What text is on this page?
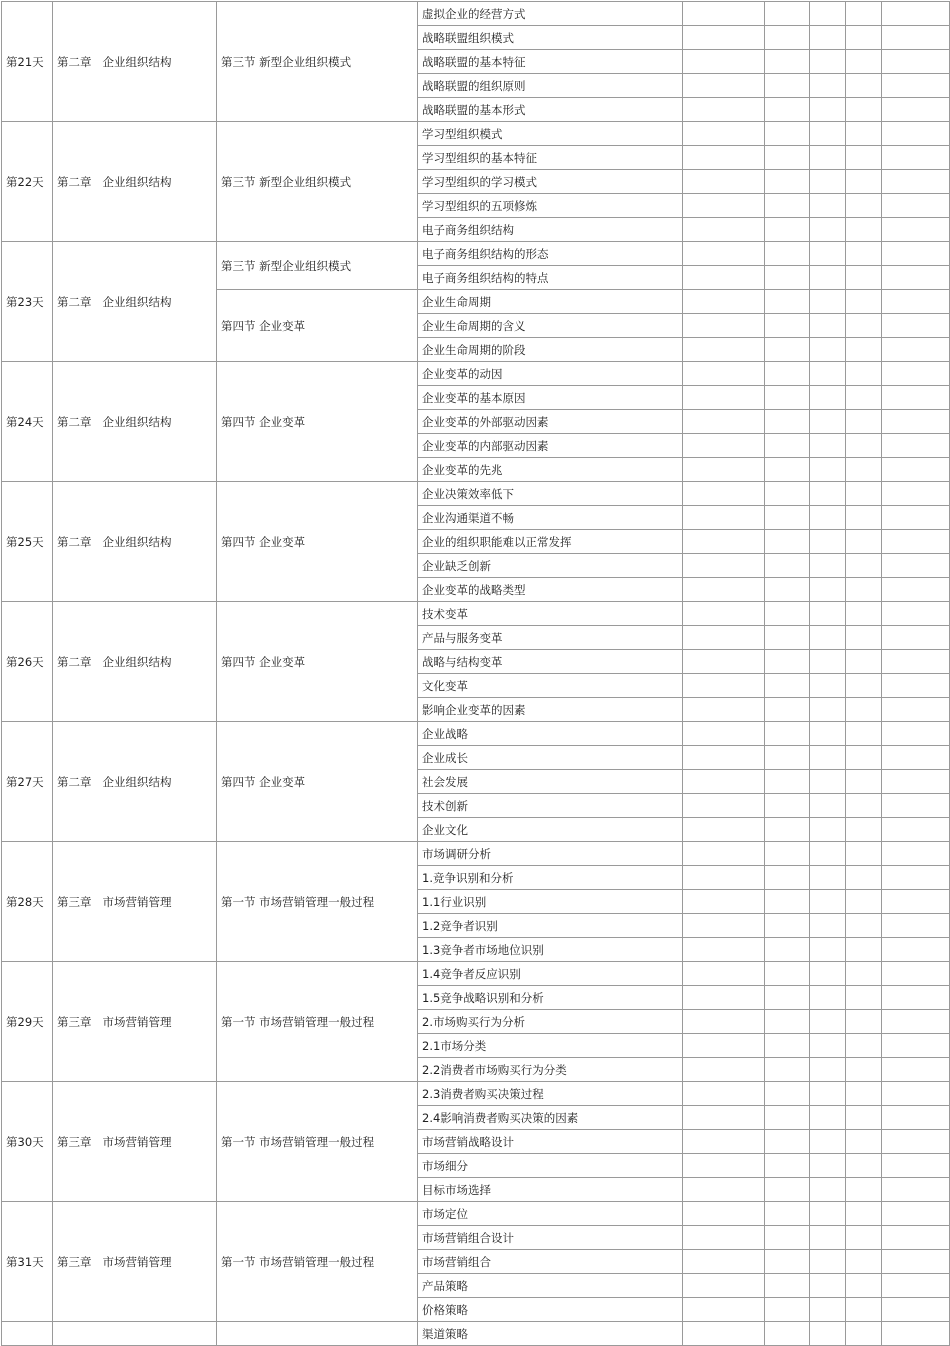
第21天	第二章 企业组织结构	第三节 新型企业组织模式	虚拟企业的经营方式					
			战略联盟组织模式					
			战略联盟的基本特征					
			战略联盟的组织原则					
			战略联盟的基本形式					
第22天	第二章 企业组织结构	第三节 新型企业组织模式	学习型组织模式					
			学习型组织的基本特征					
			学习型组织的学习模式					
			学习型组织的五项修炼					
			电子商务组织结构					
第23天	第二章 企业组织结构	第三节 新型企业组织模式	电子商务组织结构的形态					
			电子商务组织结构的特点					
		第四节 企业变革	企业生命周期					
			企业生命周期的含义					
			企业生命周期的阶段					
第24天	第二章 企业组织结构	第四节 企业变革	企业变革的动因					
			企业变革的基本原因					
			企业变革的外部驱动因素					
			企业变革的内部驱动因素					
			企业变革的先兆					
第25天	第二章 企业组织结构	第四节 企业变革	企业决策效率低下					
			企业沟通渠道不畅					
			企业的组织职能难以正常发挥					
			企业缺乏创新					
			企业变革的战略类型					
第26天	第二章 企业组织结构	第四节 企业变革	技术变革					
			产品与服务变革					
			战略与结构变革					
			文化变革					
			影响企业变革的因素					
第27天	第二章 企业组织结构	第四节 企业变革	企业战略					
			企业成长					
			社会发展					
			技术创新					
			企业文化					
第28天	第三章 市场营销管理	第一节 市场营销管理一般过程	市场调研分析					
			1.竞争识别和分析					
			1.1行业识别					
			1.2竞争者识别					
			1.3竞争者市场地位识别					
第29天	第三章 市场营销管理	第一节 市场营销管理一般过程	1.4竞争者反应识别					
			1.5竞争战略识别和分析					
			2.市场购买行为分析					
			2.1市场分类					
			2.2消费者市场购买行为分类					
第30天	第三章 市场营销管理	第一节 市场营销管理一般过程	2.3消费者购买决策过程					
			2.4影响消费者购买决策的因素					
			市场营销战略设计					
			市场细分					
			目标市场选择					
第31天	第三章 市场营销管理	第一节 市场营销管理一般过程	市场定位					
			市场营销组合设计					
			市场营销组合					
			产品策略					
			价格策略					
			渠道策略					
